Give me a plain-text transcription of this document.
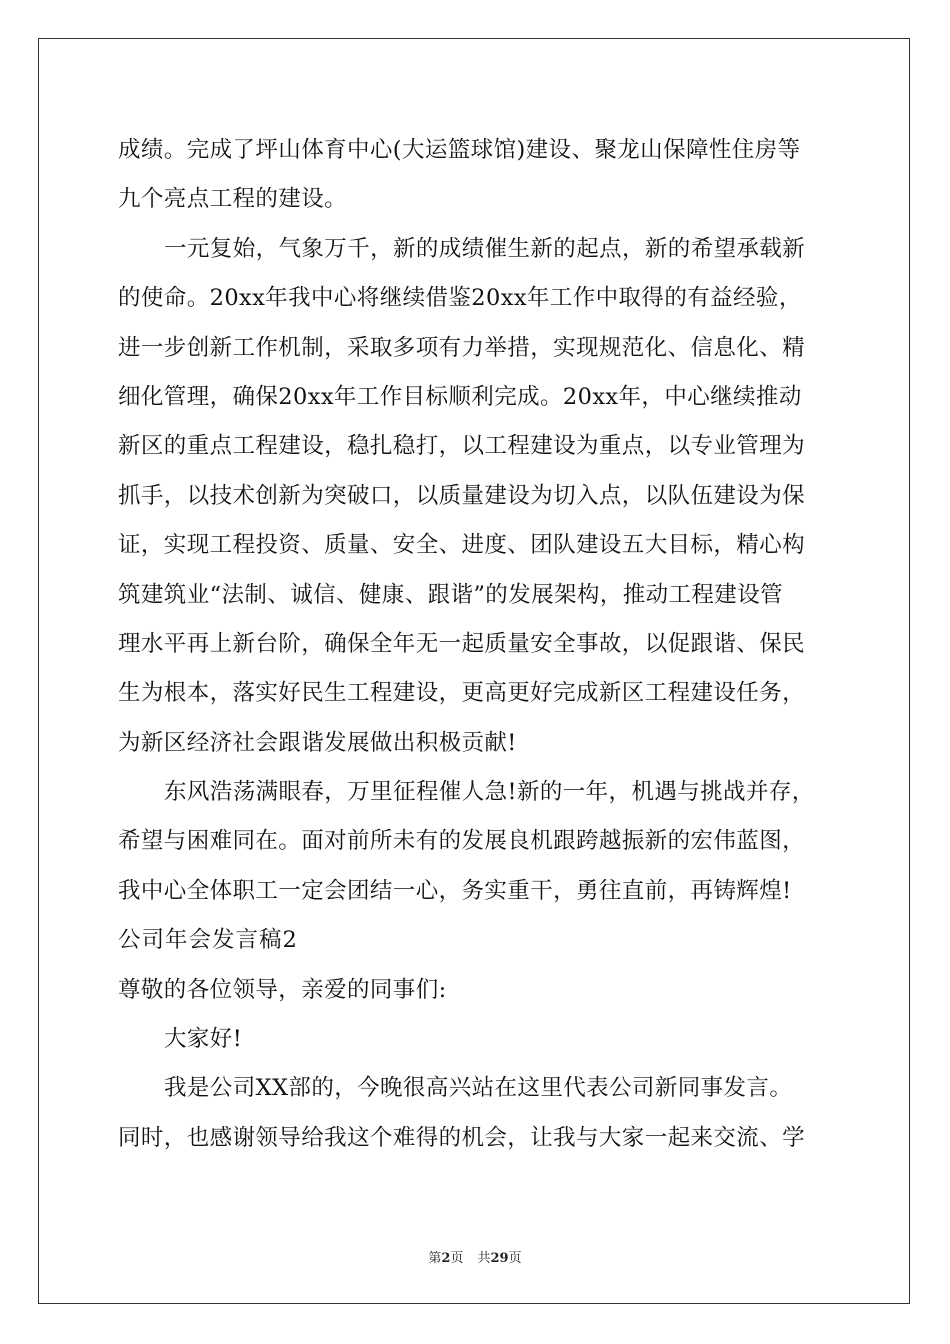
成绩。完成了坪山体育中心(大运篮球馆)建设、聚龙山保障性住房等
九个亮点工程的建设。
一元复始，气象万千，新的成绩催生新的起点，新的希望承载新
的使命。20xx年我中心将继续借鉴20xx年工作中取得的有益经验，
进一步创新工作机制，采取多项有力举措，实现规范化、信息化、精
细化管理，确保20xx年工作目标顺利完成。20xx年，中心继续推动
新区的重点工程建设，稳扎稳打，以工程建设为重点，以专业管理为
抓手，以技术创新为突破口，以质量建设为切入点，以队伍建设为保
证，实现工程投资、质量、安全、进度、团队建设五大目标，精心构
筑建筑业“法制、诚信、健康、跟谐”的发展架构，推动工程建设管
理水平再上新台阶，确保全年无一起质量安全事故，以促跟谐、保民
生为根本，落实好民生工程建设，更高更好完成新区工程建设任务，
为新区经济社会跟谐发展做出积极贡献!
东风浩荡满眼春，万里征程催人急!新的一年，机遇与挑战并存，
希望与困难同在。面对前所未有的发展良机跟跨越振新的宏伟蓝图，
我中心全体职工一定会团结一心，务实重干，勇往直前，再铸辉煌!
公司年会发言稿2
尊敬的各位领导，亲爱的同事们:
大家好!
我是公司XX部的，今晚很高兴站在这里代表公司新同事发言。
同时，也感谢领导给我这个难得的机会，让我与大家一起来交流、学
第2页 共29页
